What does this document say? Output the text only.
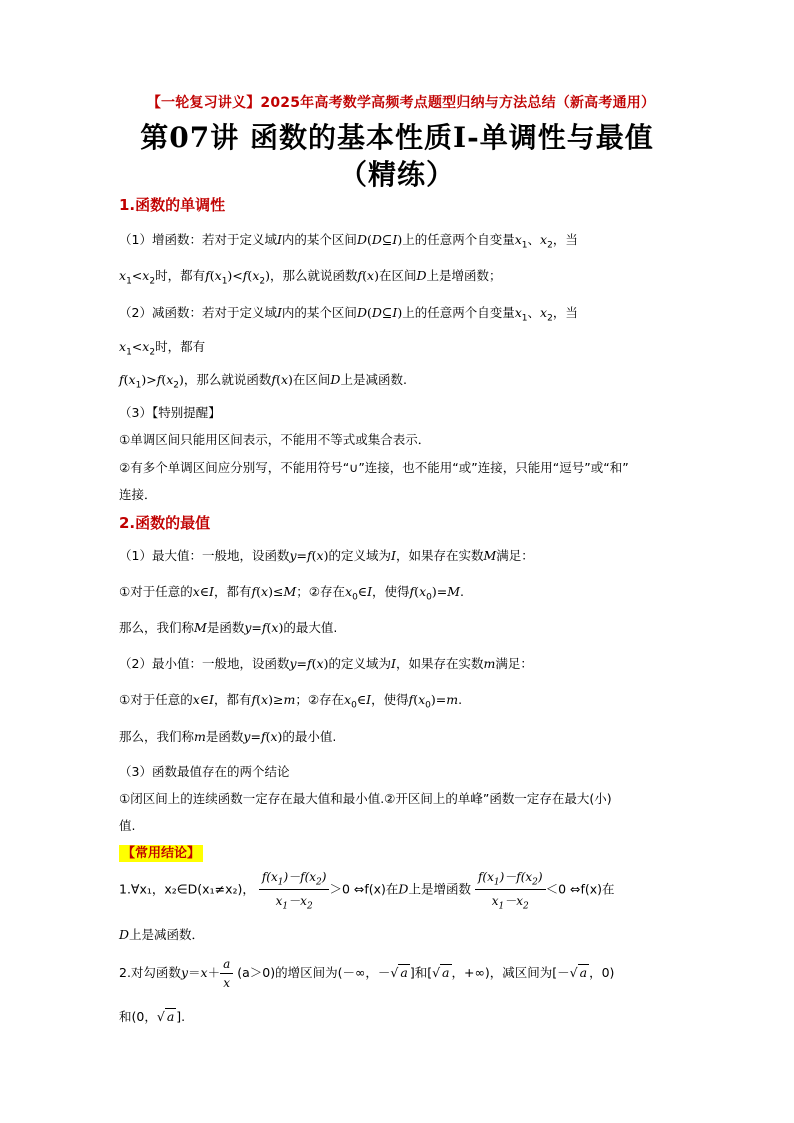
【一轮复习讲义】2025年高考数学高频考点题型归纳与方法总结（新高考通用）
第07讲 函数的基本性质Ⅰ-单调性与最值
（精练）
1.函数的单调性
（1）增函数：若对于定义域I内的某个区间D(D⊆I)上的任意两个自变量$x_1$、$x_2$，当
$x_1<x_2$时，都有$f(x_1)<f(x_2)$，那么就说函数f(x)在区间D上是增函数；
（2）减函数：若对于定义域I内的某个区间D(D⊆I)上的任意两个自变量$x_1$、$x_2$，当
$x_1<x_2$时，都有
$f(x_1)>f(x_2)$，那么就说函数f(x)在区间D上是减函数.
（3）【特别提醒】
①单调区间只能用区间表示，不能用不等式或集合表示．
②有多个单调区间应分别写，不能用符号“∪”连接，也不能用“或”连接，只能用“逗号”或“和”
连接．
2.函数的最值
（1）最大值：一般地，设函数y=f(x)的定义域为I，如果存在实数M满足：
①对于任意的x∈I，都有f(x)≤M；②存在$x_0\in I$，使得$f(x_0)=M$.
那么，我们称M是函数y=f(x)的最大值.
（2）最小值：一般地，设函数y=f(x)的定义域为I，如果存在实数m满足：
①对于任意的x∈I，都有f(x)≥m；②存在$x_0\in I$，使得$f(x_0)=m$.
那么，我们称m是函数y=f(x)的最小值.
（3）函数最值存在的两个结论
①闭区间上的连续函数一定存在最大值和最小值.②开区间上的单峰”函数一定存在最大(小)
值.
【常用结论】
1.∀x₁，x₂∈D(x₁≠x₂)， $\frac{f(x_1)-f(x_2)}{x_1-x_2} >0$ ⇔f(x)在D上是增函数 $\frac{f(x_1)-f(x_2)}{x_1-x_2} <0$ ⇔f(x)在
D上是减函数．
2.对勾函数$y=x+ \frac{a}{x} (a>0)$的增区间为(－∞，－√ a ]和[√ a ，+∞)，减区间为[－√ a ，0)
和(0，√ a ].
